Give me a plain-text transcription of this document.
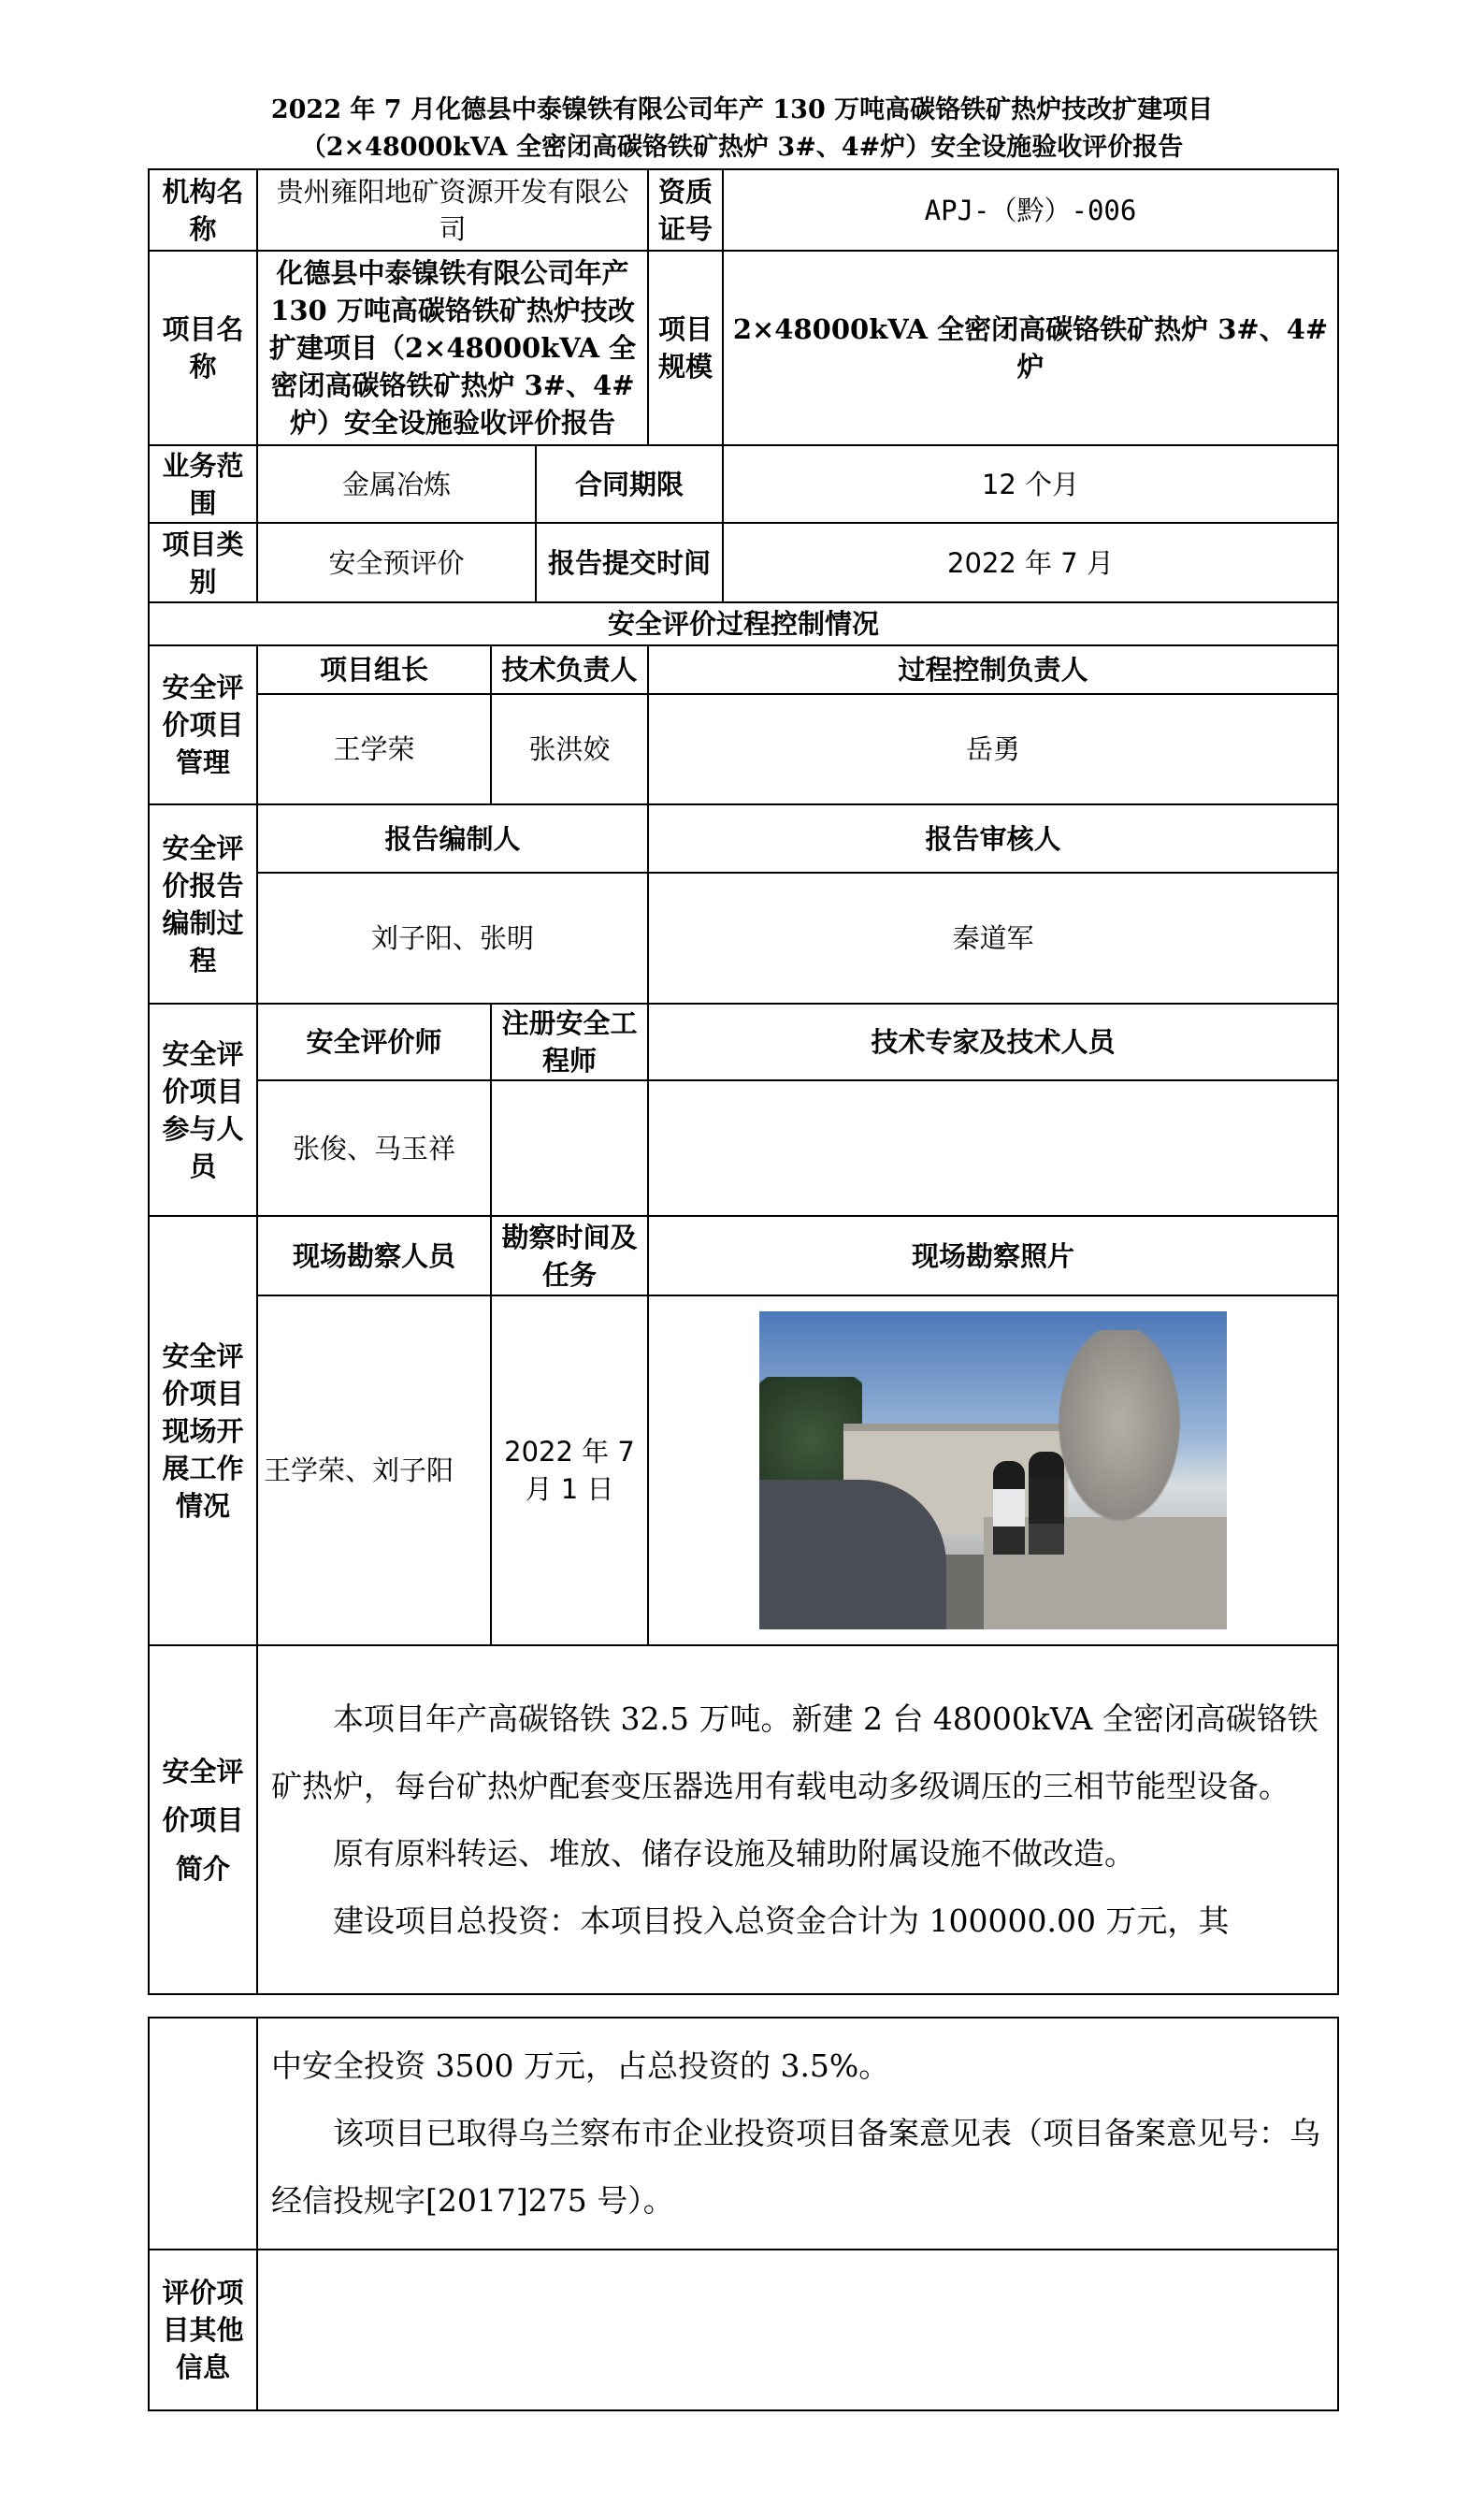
2022 年 7 月化德县中泰镍铁有限公司年产 130 万吨高碳铬铁矿热炉技改扩建项目
（2×48000kVA 全密闭高碳铬铁矿热炉 3#、4#炉）安全设施验收评价报告
机构名称	贵州雍阳地矿资源开发有限公司			资质证号	APJ-（黔）-006
项目名称	化德县中泰镍铁有限公司年产 130 万吨高碳铬铁矿热炉技改扩建项目（2×48000kVA 全密闭高碳铬铁矿热炉 3#、4#炉）安全设施验收评价报告			项目规模	2×48000kVA 全密闭高碳铬铁矿热炉 3#、4#炉
业务范围	金属冶炼		合同期限		12 个月
项目类别	安全预评价		报告提交时间		2022 年 7 月
安全评价过程控制情况					
安全评价项目管理	项目组长	技术负责人		过程控制负责人	
	王学荣	张洪姣		岳勇	
安全评价报告编制过程	报告编制人			报告审核人	
	刘子阳、张明			秦道军	
安全评价项目参与人员	安全评价师	注册安全工程师		技术专家及技术人员	
	张俊、马玉祥				
安全评价项目现场开展工作情况	现场勘察人员	勘察时间及　任务		现场勘察照片	
	王学荣、刘子阳	2022 年 7 月 1 日			

安全评价项目简介	本项目年产高碳铬铁 32.5 万吨。新建 2 台 48000kVA 全密闭高碳铬铁矿热炉，每台矿热炉配套变压器选用有载电动多级调压的三相节能型设备。

原有原料转运、堆放、储存设施及辅助附属设施不做改造。

建设项目总投资：本项目投入总资金合计为 100000.00 万元，其				

	中安全投资 3500 万元，占总投资的 3.5%。

该项目已取得乌兰察布市企业投资项目备案意见表（项目备案意见号：乌经信投规字[2017]275 号）。

评价项目其他信息	
